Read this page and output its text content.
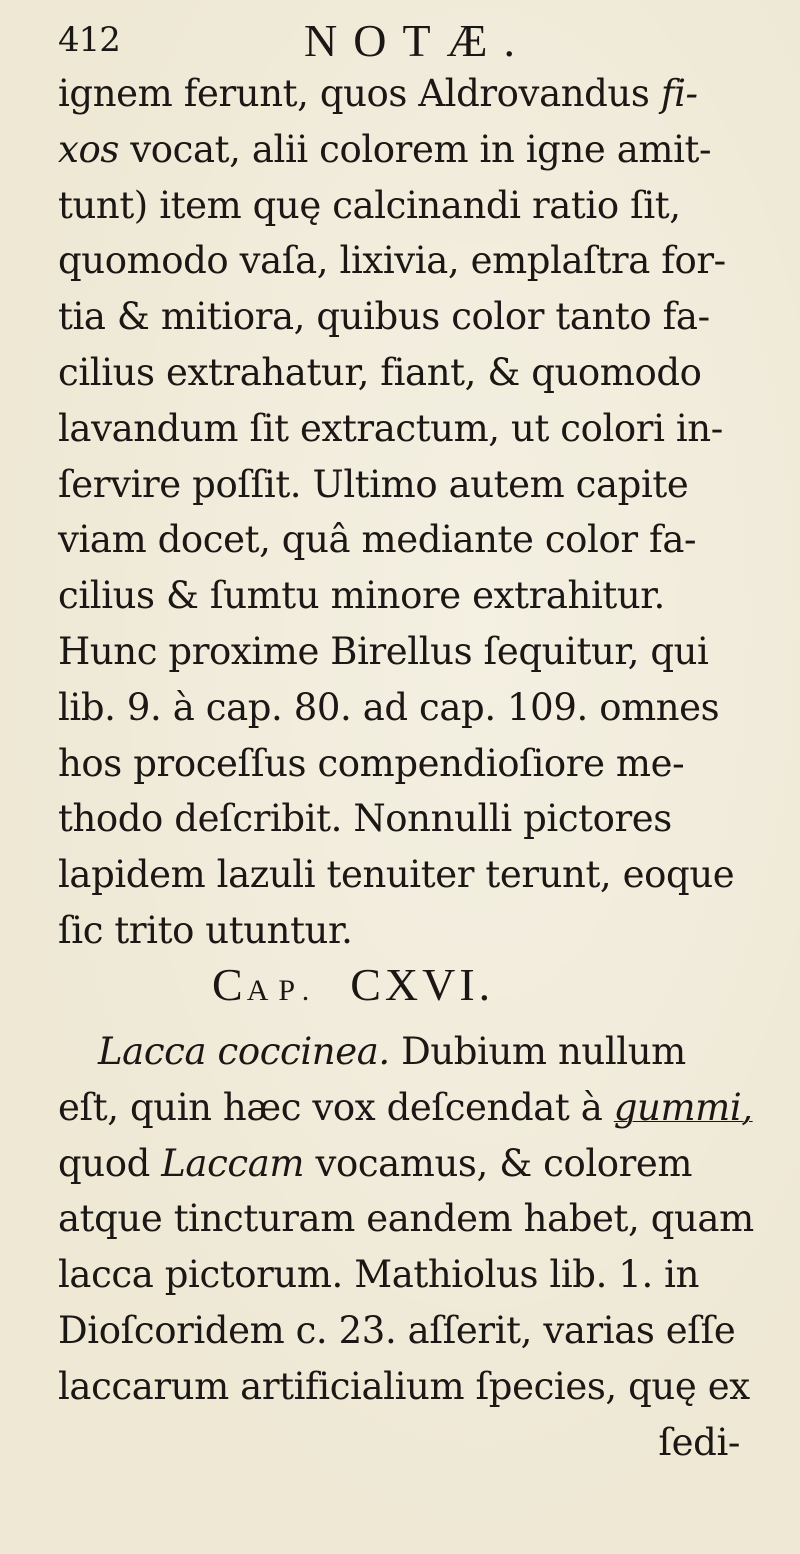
412	NOTÆ.
ignem ferunt, quos Aldrovandus fi-
xos vocat, alii colorem in igne amit-
tunt) item quę calcinandi ratio ſit,
quomodo vaſa, lixivia, emplaſtra for-
tia & mitiora, quibus color tanto fa-
cilius extrahatur, fiant, & quomodo
lavandum ſit extractum, ut colori in-
ſervire poſſit. Ultimo autem capite
viam docet, quâ mediante color fa-
cilius & ſumtu minore extrahitur.
Hunc proxime Birellus ſequitur, qui
lib. 9. à cap. 80. ad cap. 109. omnes
hos proceſſus compendioſiore me-
thodo deſcribit. Nonnulli pictores
lapidem lazuli tenuiter terunt, eoque
ſic trito utuntur.
CAP. CXVI.
Lacca coccinea. Dubium nullum
eſt, quin hæc vox deſcendat à gummi,
quod Laccam vocamus, & colorem
atque tincturam eandem habet, quam
lacca pictorum. Mathiolus lib. 1. in
Dioſcoridem c. 23. aſſerit, varias eſſe
laccarum artificialium ſpecies, quę ex
ſedi-
